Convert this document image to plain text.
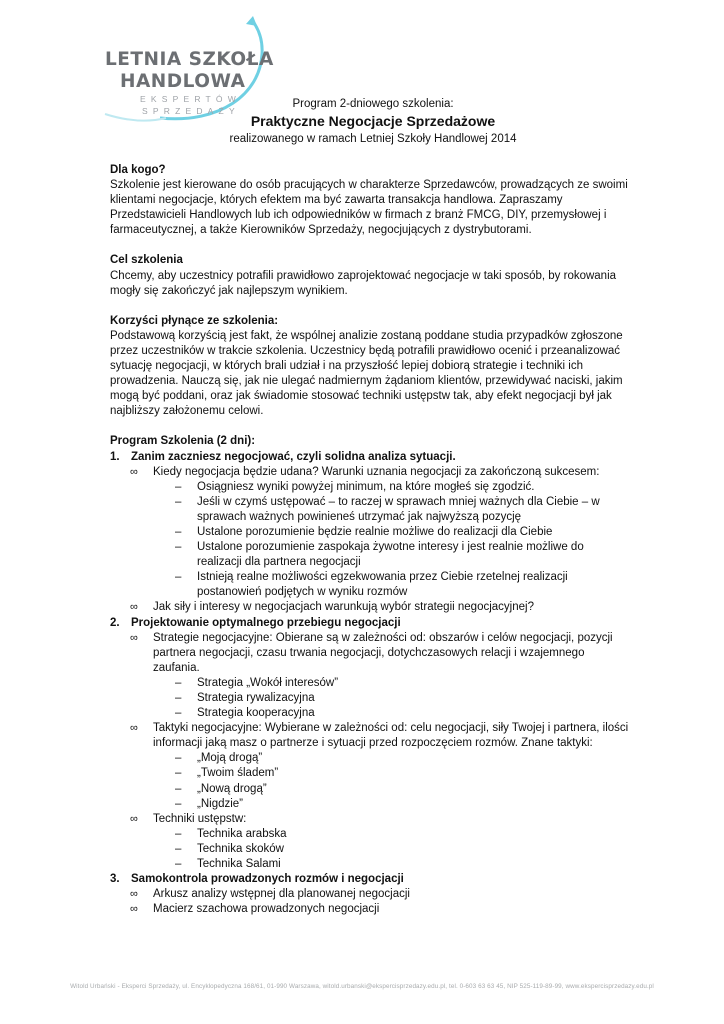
LETNIA SZKOŁA
HANDLOWA
EKSPERTÓW
SPRZEDAŻY
Program 2-dniowego szkolenia:
Praktyczne Negocjacje Sprzedażowe
realizowanego w ramach Letniej Szkoły Handlowej 2014

Dla kogo?

Szkolenie jest kierowane do osób pracujących w charakterze Sprzedawców, prowadzących ze swoimi klientami negocjacje, których efektem ma być zawarta transakcja handlowa. Zapraszamy Przedstawicieli Handlowych lub ich odpowiedników w firmach z branż FMCG, DIY, przemysłowej i farmaceutycznej, a także Kierowników Sprzedaży, negocjujących z dystrybutorami.

Cel szkolenia

Chcemy, aby uczestnicy potrafili prawidłowo zaprojektować negocjacje w taki sposób, by rokowania mogły się zakończyć jak najlepszym wynikiem.

Korzyści płynące ze szkolenia:

Podstawową korzyścią jest fakt, że wspólnej analizie zostaną poddane studia przypadków zgłoszone przez uczestników w trakcie szkolenia. Uczestnicy będą potrafili prawidłowo ocenić i przeanalizować sytuację negocjacji, w których brali udział i na przyszłość lepiej dobiorą strategie i techniki ich prowadzenia. Nauczą się, jak nie ulegać nadmiernym żądaniom klientów, przewidywać naciski, jakim mogą być poddani, oraz jak świadomie stosować techniki ustępstw tak, aby efekt negocjacji był jak najbliższy założonemu celowi.

Program Szkolenia (2 dni):

1. Zanim zaczniesz negocjować, czyli solidna analiza sytuacji.
∞ Kiedy negocjacja będzie udana? Warunki uznania negocjacji za zakończoną sukcesem:
– Osiągniesz wyniki powyżej minimum, na które mogłeś się zgodzić.
– Jeśli w czymś ustępować – to raczej w sprawach mniej ważnych dla Ciebie – w sprawach ważnych powinieneś utrzymać jak najwyższą pozycję
– Ustalone porozumienie będzie realnie możliwe do realizacji dla Ciebie
– Ustalone porozumienie zaspokaja żywotne interesy i jest realnie możliwe do realizacji dla partnera negocjacji
– Istnieją realne możliwości egzekwowania przez Ciebie rzetelnej realizacji postanowień podjętych w wyniku rozmów
∞ Jak siły i interesy w negocjacjach warunkują wybór strategii negocjacyjnej?
2. Projektowanie optymalnego przebiegu negocjacji
∞ Strategie negocjacyjne: Obierane są w zależności od: obszarów i celów negocjacji, pozycji partnera negocjacji, czasu trwania negocjacji, dotychczasowych relacji i wzajemnego zaufania.
– Strategia „Wokół interesów”
– Strategia rywalizacyjna
– Strategia kooperacyjna
∞ Taktyki negocjacyjne: Wybierane w zależności od: celu negocjacji, siły Twojej i partnera, ilości informacji jaką masz o partnerze i sytuacji przed rozpoczęciem rozmów. Znane taktyki:
– „Moją drogą”
– „Twoim śladem”
– „Nową drogą”
– „Nigdzie”
∞ Techniki ustępstw:
– Technika arabska
– Technika skoków
– Technika Salami
3. Samokontrola prowadzonych rozmów i negocjacji
∞ Arkusz analizy wstępnej dla planowanej negocjacji
∞ Macierz szachowa prowadzonych negocjacji
Witold Urbański - Eksperci Sprzedaży, ul. Encyklopedyczna 168/61, 01-990 Warszawa, witold.urbanski@ekspercisprzedazy.edu.pl, tel. 0-603 63 63 45, NIP 525-119-89-99, www.ekspercisprzedazy.edu.pl
